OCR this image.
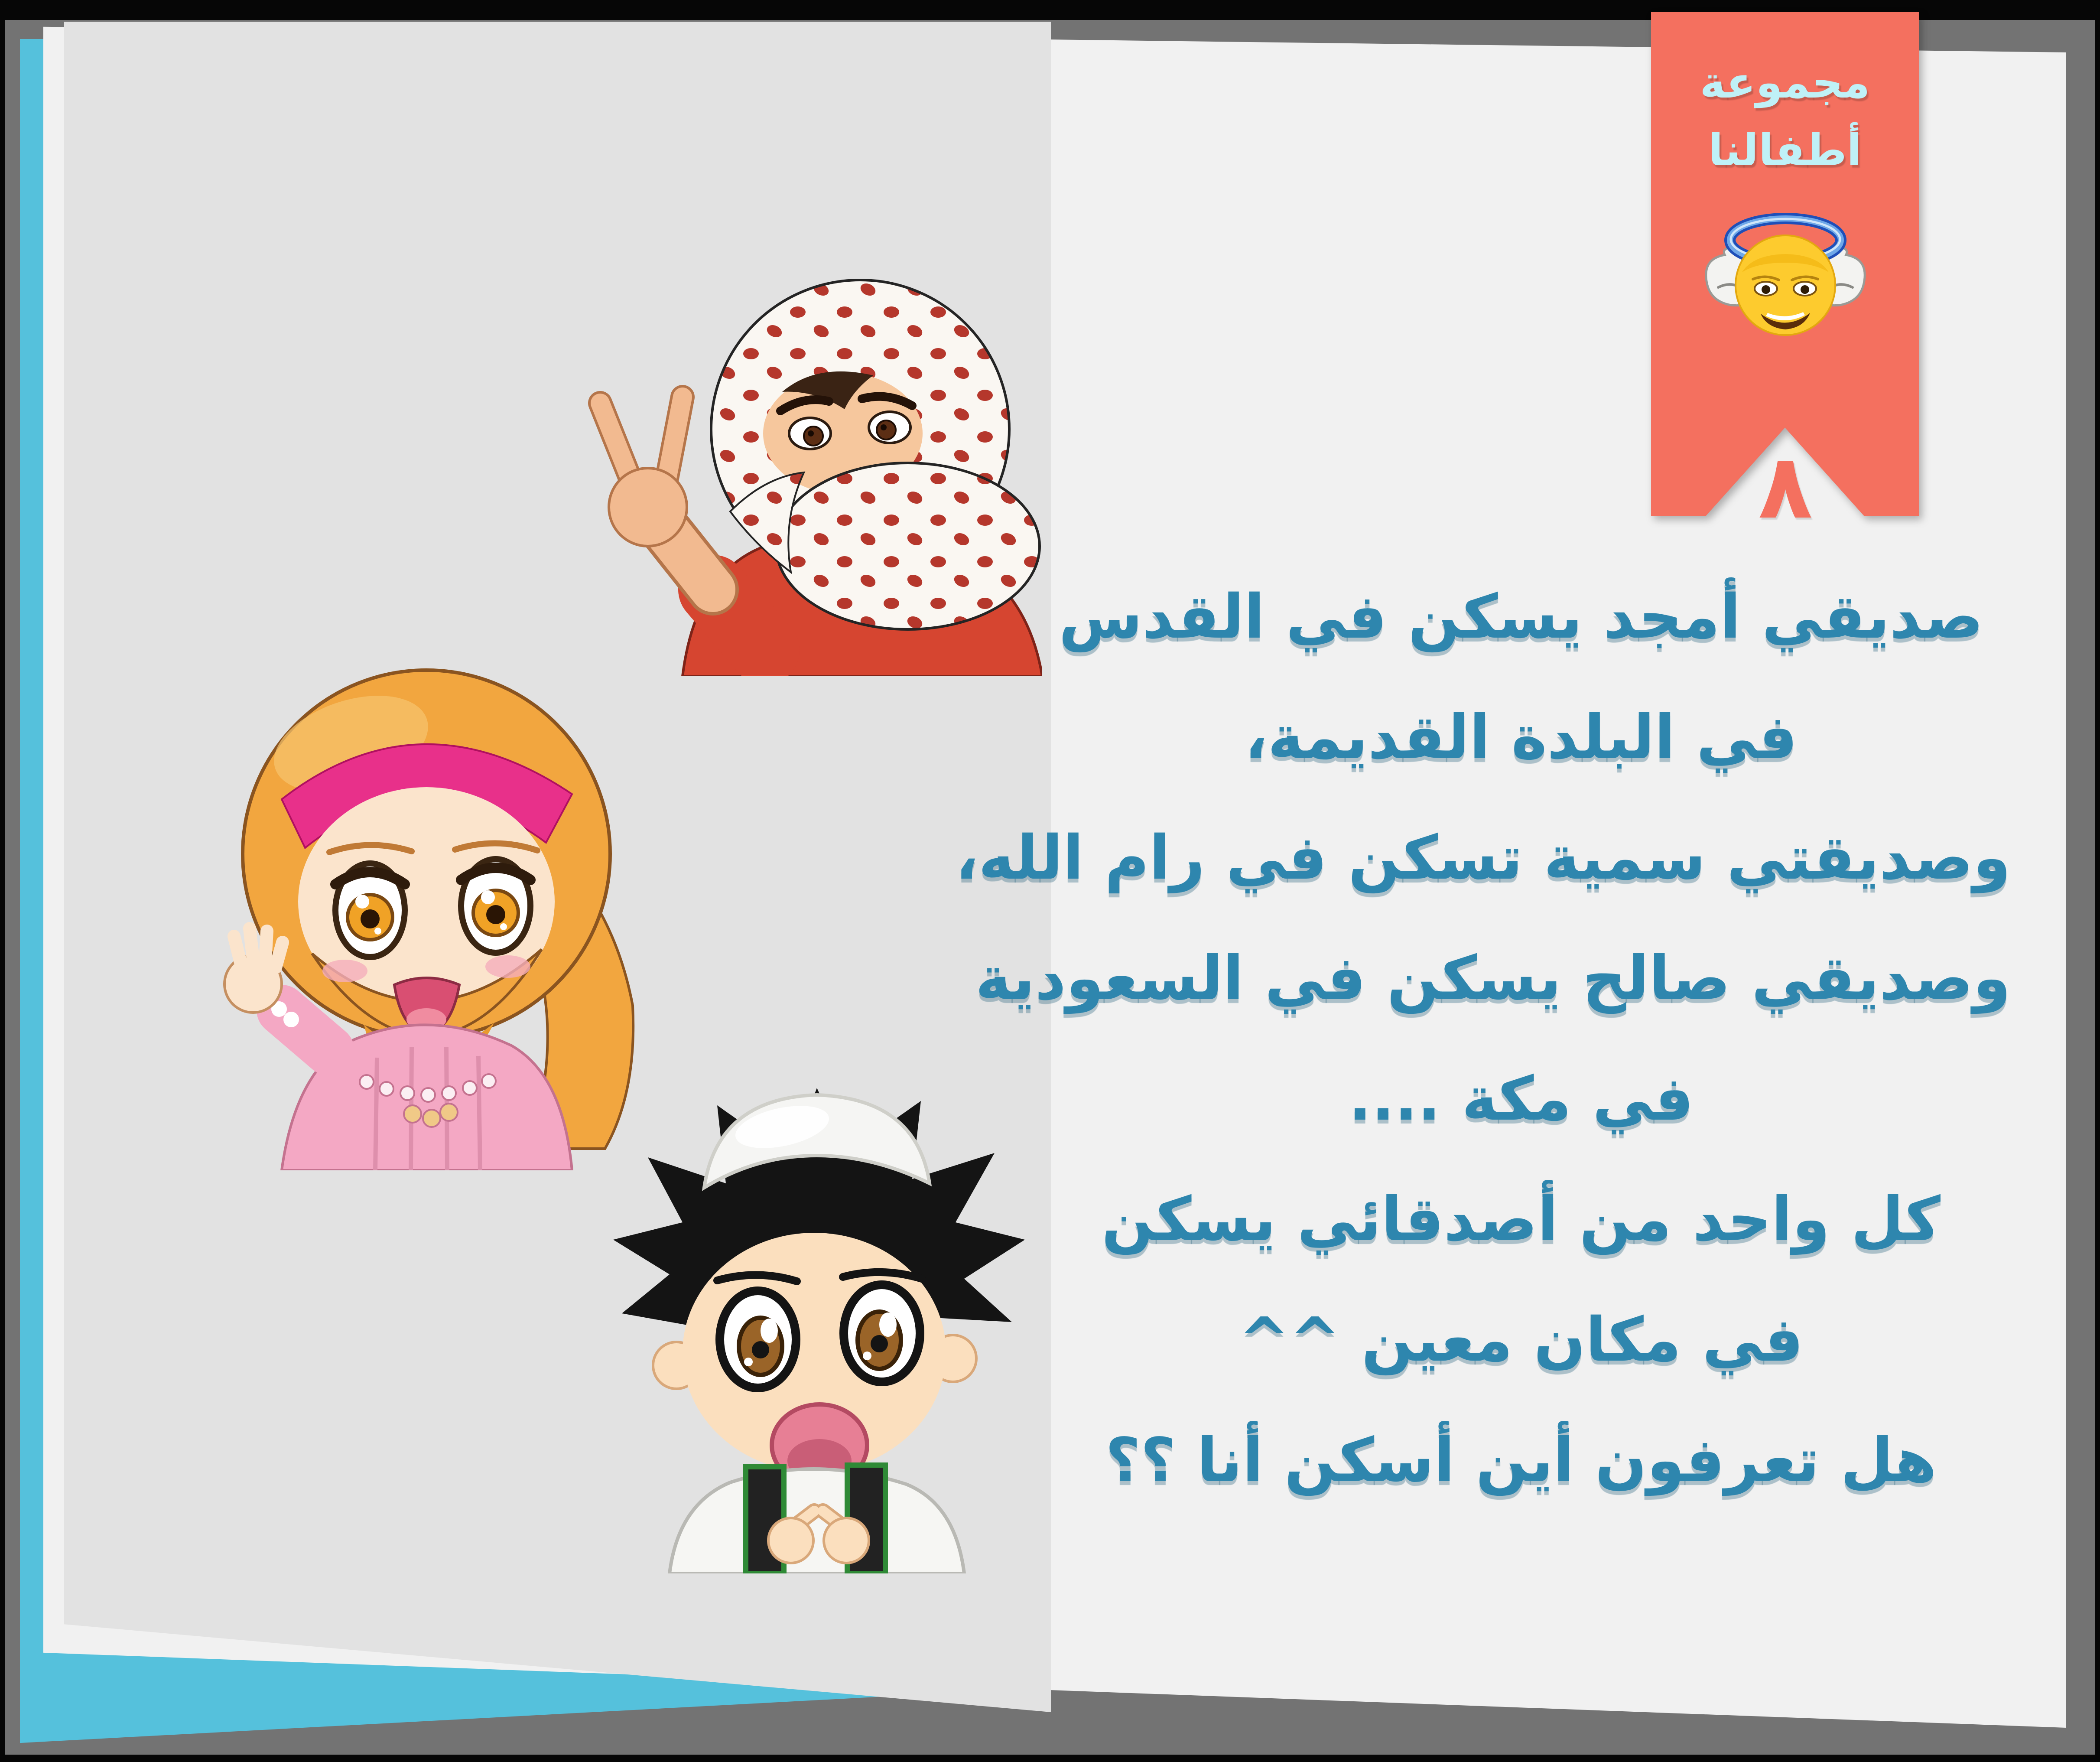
مجموعة
أطفالنا
٨
صديقي أمجد يسكن في القدس
في البلدة القديمة،
وصديقتي سمية تسكن في رام الله،
وصديقي صالح يسكن في السعودية
في مكة ....
كل واحد من أصدقائي يسكن
في مكان معين ^^
هل تعرفون أين أسكن أنا ؟؟
